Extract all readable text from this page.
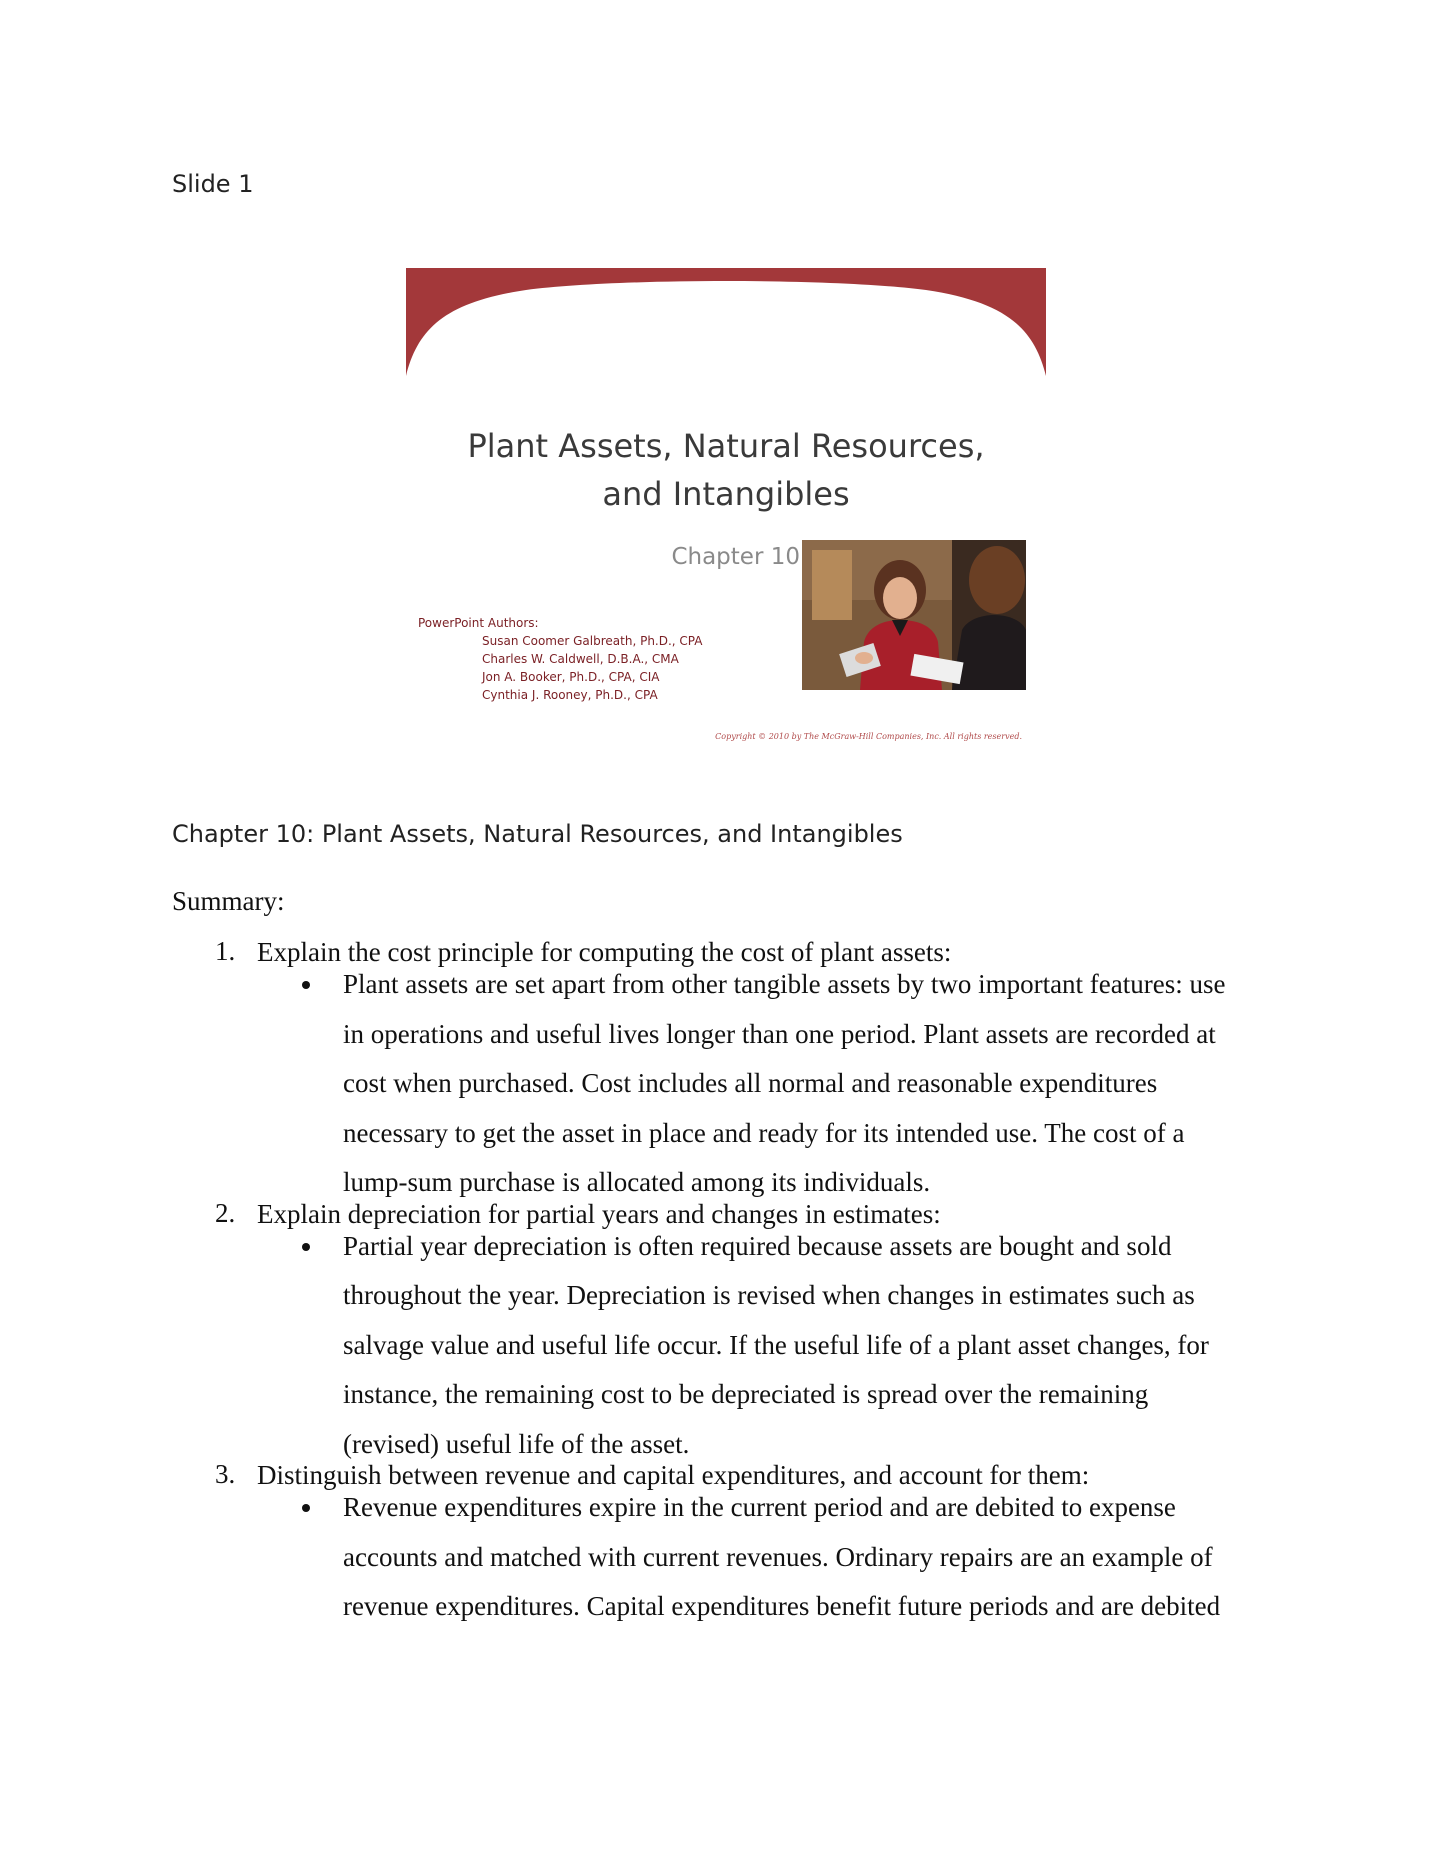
Slide 1
Plant Assets, Natural Resources,
and Intangibles
Chapter 10
PowerPoint Authors:
Susan Coomer Galbreath, Ph.D., CPA
Charles W. Caldwell, D.B.A., CMA
Jon A. Booker, Ph.D., CPA, CIA
Cynthia J. Rooney, Ph.D., CPA
Copyright © 2010 by The McGraw-Hill Companies, Inc. All rights reserved.
Chapter 10: Plant Assets, Natural Resources, and Intangibles
Summary:
1. Explain the cost principle for computing the cost of plant assets:
Plant assets are set apart from other tangible assets by two important features: use
in operations and useful lives longer than one period. Plant assets are recorded at
cost when purchased. Cost includes all normal and reasonable expenditures
necessary to get the asset in place and ready for its intended use. The cost of a
lump-sum purchase is allocated among its individuals.
2. Explain depreciation for partial years and changes in estimates:
Partial year depreciation is often required because assets are bought and sold
throughout the year. Depreciation is revised when changes in estimates such as
salvage value and useful life occur. If the useful life of a plant asset changes, for
instance, the remaining cost to be depreciated is spread over the remaining
(revised) useful life of the asset.
3. Distinguish between revenue and capital expenditures, and account for them:
Revenue expenditures expire in the current period and are debited to expense
accounts and matched with current revenues. Ordinary repairs are an example of
revenue expenditures. Capital expenditures benefit future periods and are debited
